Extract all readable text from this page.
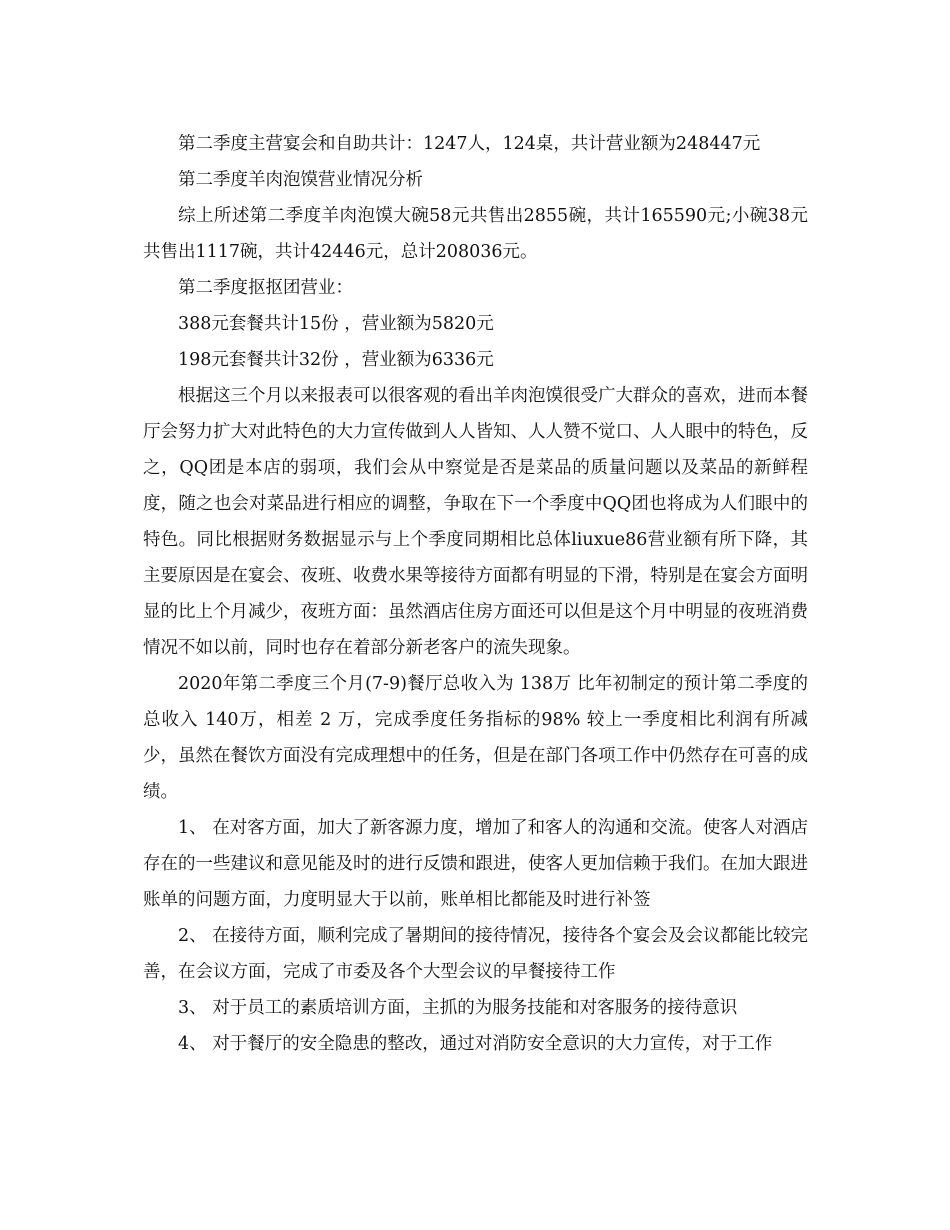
第二季度主营宴会和自助共计：1247人，124桌，共计营业额为248447元

第二季度羊肉泡馍营业情况分析

综上所述第二季度羊肉泡馍大碗58元共售出2855碗，共计165590元;小碗38元共售出1117碗，共计42446元，总计208036元。

第二季度抠抠团营业：

388元套餐共计15份 ，营业额为5820元

198元套餐共计32份 ，营业额为6336元

根据这三个月以来报表可以很客观的看出羊肉泡馍很受广大群众的喜欢，进而本餐厅会努力扩大对此特色的大力宣传做到人人皆知、人人赞不觉口、人人眼中的特色，反之，QQ团是本店的弱项，我们会从中察觉是否是菜品的质量问题以及菜品的新鲜程度，随之也会对菜品进行相应的调整，争取在下一个季度中QQ团也将成为人们眼中的特色。同比根据财务数据显示与上个季度同期相比总体liuxue86营业额有所下降，其主要原因是在宴会、夜班、收费水果等接待方面都有明显的下滑，特别是在宴会方面明显的比上个月减少，夜班方面：虽然酒店住房方面还可以但是这个月中明显的夜班消费情况不如以前，同时也存在着部分新老客户的流失现象。

2020年第二季度三个月(7-9)餐厅总收入为 138万 比年初制定的预计第二季度的总收入 140万，相差 2 万，完成季度任务指标的98% 较上一季度相比利润有所减少，虽然在餐饮方面没有完成理想中的任务，但是在部门各项工作中仍然存在可喜的成绩。

1、 在对客方面，加大了新客源力度，增加了和客人的沟通和交流。使客人对酒店存在的一些建议和意见能及时的进行反馈和跟进，使客人更加信赖于我们。在加大跟进账单的问题方面，力度明显大于以前，账单相比都能及时进行补签

2、 在接待方面，顺利完成了暑期间的接待情况，接待各个宴会及会议都能比较完善，在会议方面，完成了市委及各个大型会议的早餐接待工作

3、 对于员工的素质培训方面，主抓的为服务技能和对客服务的接待意识

4、 对于餐厅的安全隐患的整改，通过对消防安全意识的大力宣传，对于工作
